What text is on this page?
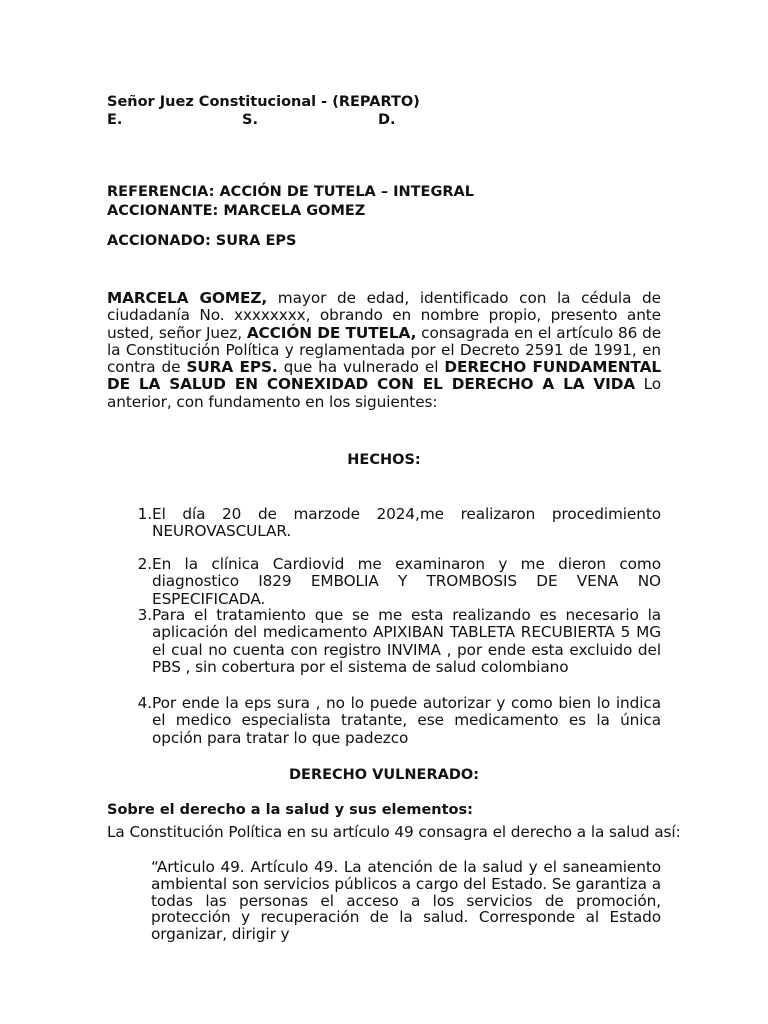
Señor Juez Constitucional - (REPARTO)
E.	S.	D.
REFERENCIA: ACCIÓN DE TUTELA – INTEGRAL
ACCIONANTE: MARCELA GOMEZ
ACCIONADO: SURA EPS
MARCELA GOMEZ, mayor de edad, identificado con la cédula de ciudadanía No. xxxxxxxx, obrando en nombre propio, presento ante usted, señor Juez, ACCIÓN DE TUTELA, consagrada en el artículo 86 de la Constitución Política y reglamentada por el Decreto 2591 de 1991, en contra de SURA EPS. que ha vulnerado el DERECHO FUNDAMENTAL DE LA SALUD EN CONEXIDAD CON EL DERECHO A LA VIDA Lo anterior, con fundamento en los siguientes:
HECHOS:
1. El día 20 de marzode 2024,me realizaron procedimiento NEUROVASCULAR.
2. En la clínica Cardiovid me examinaron y me dieron como diagnostico I829 EMBOLIA Y TROMBOSIS DE VENA NO ESPECIFICADA.
3. Para el tratamiento que se me esta realizando es necesario la aplicación del medicamento APIXIBAN TABLETA RECUBIERTA 5 MG el cual no cuenta con registro INVIMA , por ende esta excluido del PBS , sin cobertura por el sistema de salud colombiano
4. Por ende la eps sura , no lo puede autorizar y como bien lo indica el medico especialista tratante, ese medicamento es la única opción para tratar lo que padezco
DERECHO VULNERADO:
Sobre el derecho a la salud y sus elementos:
La Constitución Política en su artículo 49 consagra el derecho a la salud así:
“Articulo 49. Artículo 49. La atención de la salud y el saneamiento ambiental son servicios públicos a cargo del Estado. Se garantiza a todas las personas el acceso a los servicios de promoción, protección y recuperación de la salud. Corresponde al Estado organizar, dirigir y
